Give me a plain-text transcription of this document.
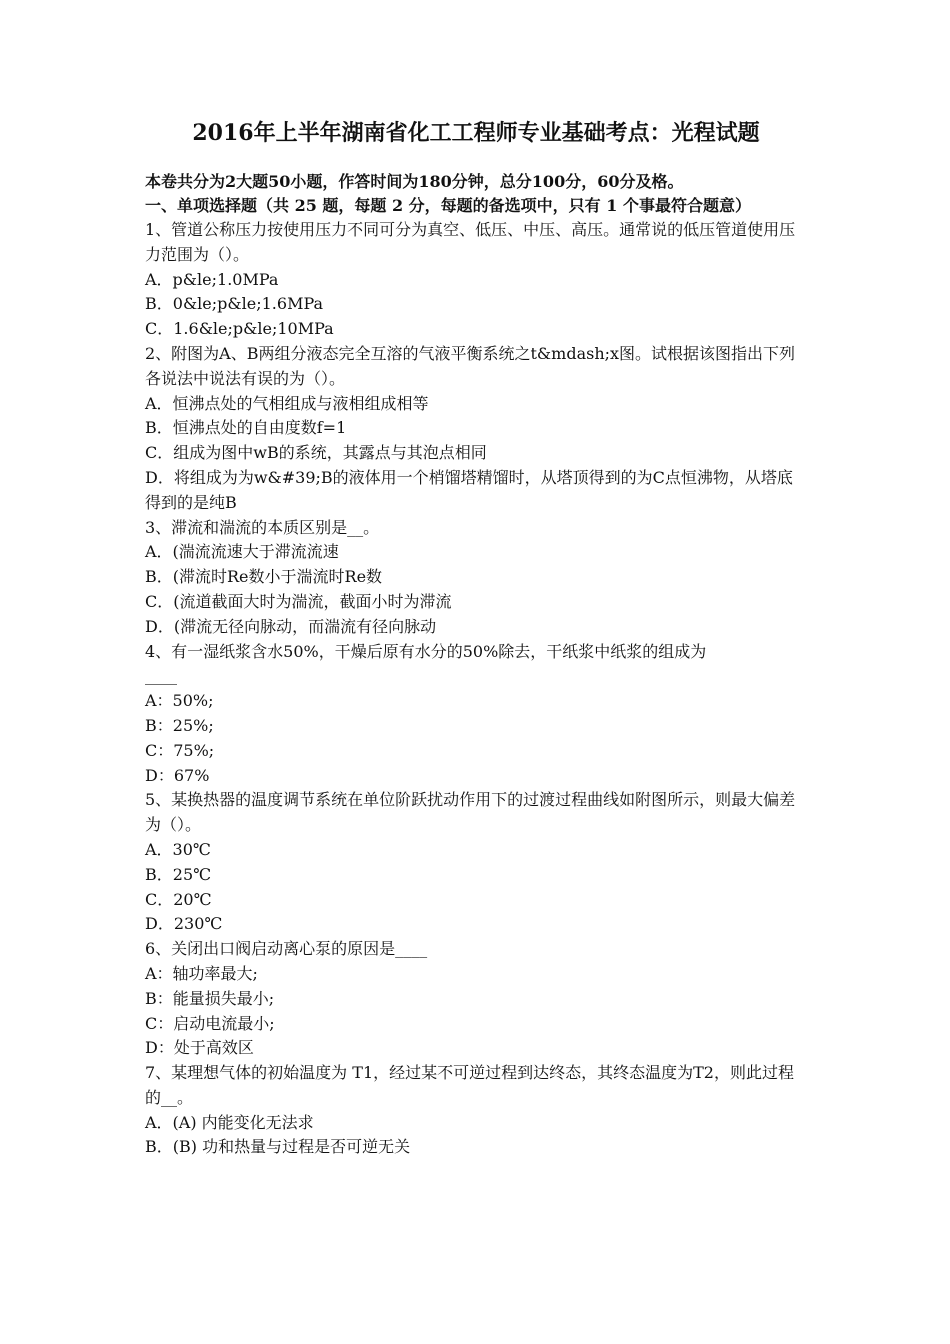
2016年上半年湖南省化工工程师专业基础考点：光程试题

本卷共分为2大题50小题，作答时间为180分钟，总分100分，60分及格。

一、单项选择题（共 25 题，每题 2 分，每题的备选项中，只有 1 个事最符合题意）

1、管道公称压力按使用压力不同可分为真空、低压、中压、高压。通常说的低压管道使用压力范围为（）。

A．p&le;1.0MPa

B．0&le;p&le;1.6MPa

C．1.6&le;p&le;10MPa

2、附图为A、B两组分液态完全互溶的气液平衡系统之t&mdash;x图。试根据该图指出下列各说法中说法有误的为（）。

A．恒沸点处的气相组成与液相组成相等

B．恒沸点处的自由度数f=1

C．组成为图中wB的系统，其露点与其泡点相同

D．将组成为为w&#39;B的液体用一个梢馏塔精馏时，从塔顶得到的为C点恒沸物，从塔底得到的是纯B

3、滞流和湍流的本质区别是__。

A．(湍流流速大于滞流流速

B．(滞流时Re数小于湍流时Re数

C．(流道截面大时为湍流，截面小时为滞流

D．(滞流无径向脉动，而湍流有径向脉动

4、有一湿纸浆含水50%，干燥后原有水分的50%除去，干纸浆中纸浆的组成为

____

A：50%;

B：25%;

C：75%;

D：67%

5、某换热器的温度调节系统在单位阶跃扰动作用下的过渡过程曲线如附图所示，则最大偏差为（）。

A．30℃

B．25℃

C．20℃

D．230℃

6、关闭出口阀启动离心泵的原因是____

A：轴功率最大;

B：能量损失最小;

C：启动电流最小;

D：处于高效区

7、某理想气体的初始温度为 T1，经过某不可逆过程到达终态，其终态温度为T2，则此过程的__。

A．(A) 内能变化无法求

B．(B) 功和热量与过程是否可逆无关
